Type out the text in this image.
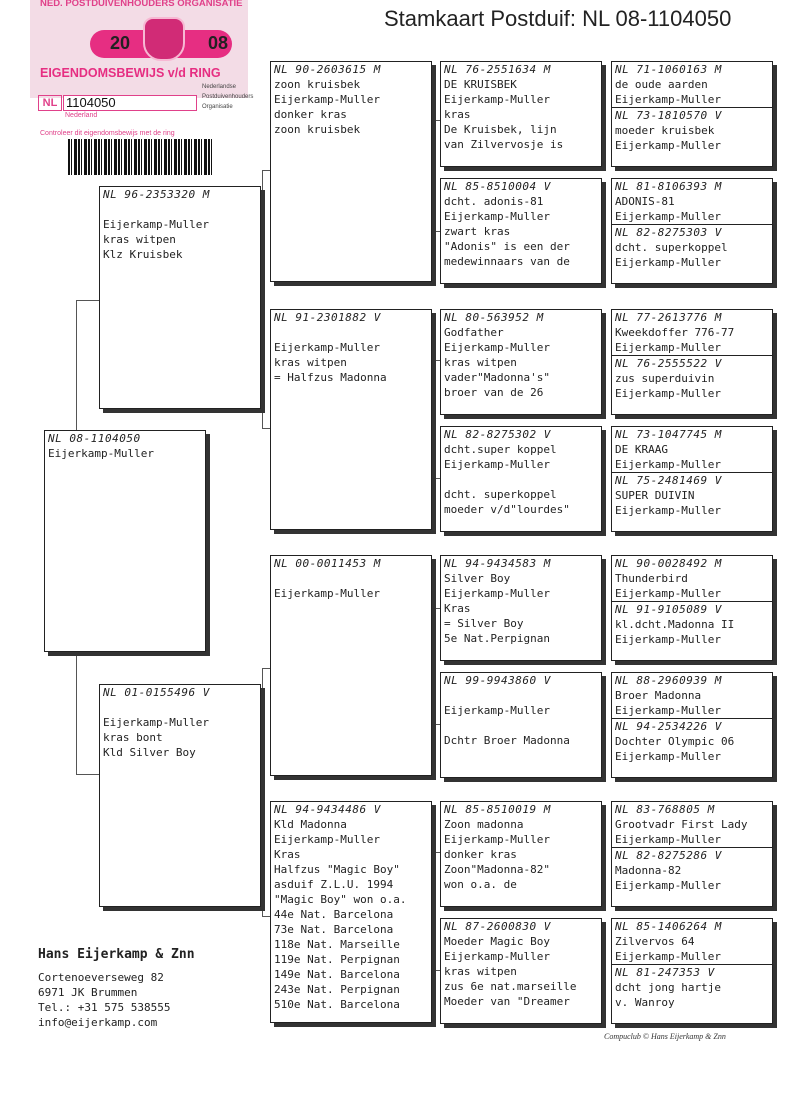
Stamkaart Postduif: NL 08-1104050
NED. POSTDUIVENHOUDERS ORGANISATIE
20	08
EIGENDOMSBEWIJS v/d RING
NL 1104050
Nederland
Nederlandse
Postduivenhouders
Organisatie
Controleer dit eigendomsbewijs met de ring
NL 08-1104050
Eijerkamp-Muller
NL 96-2353320 M
Eijerkamp-Muller
kras witpen
Klz Kruisbek
NL 01-0155496 V
Eijerkamp-Muller
kras bont
Kld Silver Boy
NL 90-2603615 M
zoon kruisbek
Eijerkamp-Muller
donker kras
zoon kruisbek
NL 91-2301882 V
Eijerkamp-Muller
kras witpen
= Halfzus Madonna
NL 00-0011453 M
Eijerkamp-Muller
NL 94-9434486 V
Kld Madonna
Eijerkamp-Muller
Kras
Halfzus "Magic Boy"
asduif Z.L.U. 1994
"Magic Boy" won o.a.
44e Nat. Barcelona
73e Nat. Barcelona
118e Nat. Marseille
119e Nat. Perpignan
149e Nat. Barcelona
243e Nat. Perpignan
510e Nat. Barcelona
NL 76-2551634 M
DE KRUISBEK
Eijerkamp-Muller
kras
De Kruisbek, lijn
van Zilvervosje is
NL 85-8510004 V
dcht. adonis-81
Eijerkamp-Muller
zwart kras
"Adonis" is een der
medewinnaars van de
NL 80-563952 M
Godfather
Eijerkamp-Muller
kras witpen
vader"Madonna's"
broer van de 26
NL 82-8275302 V
dcht.super koppel
Eijerkamp-Muller
dcht. superkoppel
moeder v/d"lourdes"
NL 94-9434583 M
Silver Boy
Eijerkamp-Muller
Kras
= Silver Boy
5e Nat.Perpignan
NL 99-9943860 V
Eijerkamp-Muller
Dchtr Broer Madonna
NL 85-8510019 M
Zoon madonna
Eijerkamp-Muller
donker kras
Zoon"Madonna-82"
won o.a. de
NL 87-2600830 V
Moeder Magic Boy
Eijerkamp-Muller
kras witpen
zus 6e nat.marseille
Moeder van "Dreamer
NL 71-1060163 M
de oude aarden
Eijerkamp-Muller
NL 73-1810570 V
moeder kruisbek
Eijerkamp-Muller
NL 81-8106393 M
ADONIS-81
Eijerkamp-Muller
NL 82-8275303 V
dcht. superkoppel
Eijerkamp-Muller
NL 77-2613776 M
Kweekdoffer 776-77
Eijerkamp-Muller
NL 76-2555522 V
zus superduivin
Eijerkamp-Muller
NL 73-1047745 M
DE KRAAG
Eijerkamp-Muller
NL 75-2481469 V
SUPER DUIVIN
Eijerkamp-Muller
NL 90-0028492 M
Thunderbird
Eijerkamp-Muller
NL 91-9105089 V
kl.dcht.Madonna II
Eijerkamp-Muller
NL 88-2960939 M
Broer Madonna
Eijerkamp-Muller
NL 94-2534226 V
Dochter Olympic 06
Eijerkamp-Muller
NL 83-768805 M
Grootvadr First Lady
Eijerkamp-Muller
NL 82-8275286 V
Madonna-82
Eijerkamp-Muller
NL 85-1406264 M
Zilvervos 64
Eijerkamp-Muller
NL 81-247353 V
dcht jong hartje
v. Wanroy
Hans Eijerkamp & Znn
Cortenoeverseweg 82
6971 JK Brummen
Tel.: +31 575 538555
info@eijerkamp.com
Compuclub © Hans Eijerkamp & Znn
